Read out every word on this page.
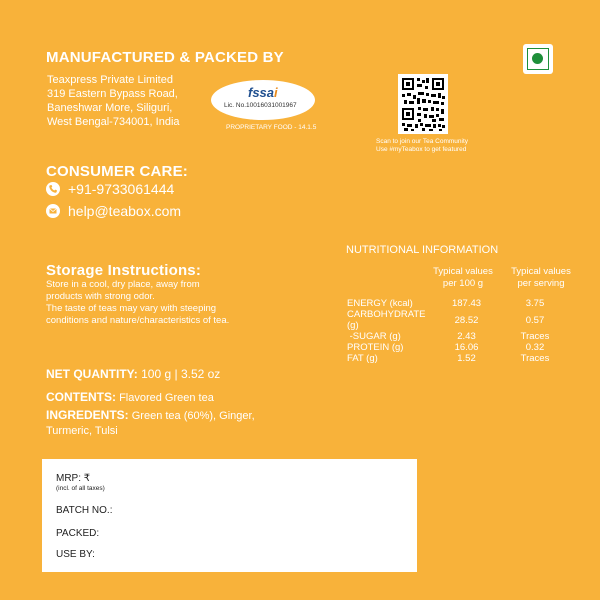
MANUFACTURED & PACKED BY
Teaxpress Private Limited
319 Eastern Bypass Road,
Baneshwar More, Siliguri,
West Bengal-734001, India
fssai
Lic. No.10016031001967
PROPRIETARY FOOD - 14.1.5
Scan to join our Tea Community
Use #myTeabox to get featured
CONSUMER CARE:
+91-9733061444
help@teabox.com
Storage Instructions:
Store in a cool, dry place, away from
products with strong odor.
The taste of teas may vary with steeping
conditions and nature/characteristics of tea.
NET QUANTITY: 100 g | 3.52 oz
CONTENTS: Flavored Green tea
INGREDENTS: Green tea (60%), Ginger,
Turmeric, Tulsi
NUTRITIONAL INFORMATION
Typical values
per 100 g
Typical values
per serving
ENERGY (kcal)	187.43	3.75
CARBOHYDRATE (g)	28.52	0.57
-SUGAR (g)	2.43	Traces
PROTEIN (g)	16.06	0.32
FAT (g)	1.52	Traces
MRP: ₹
(incl. of all taxes)
BATCH NO.:
PACKED:
USE BY:
